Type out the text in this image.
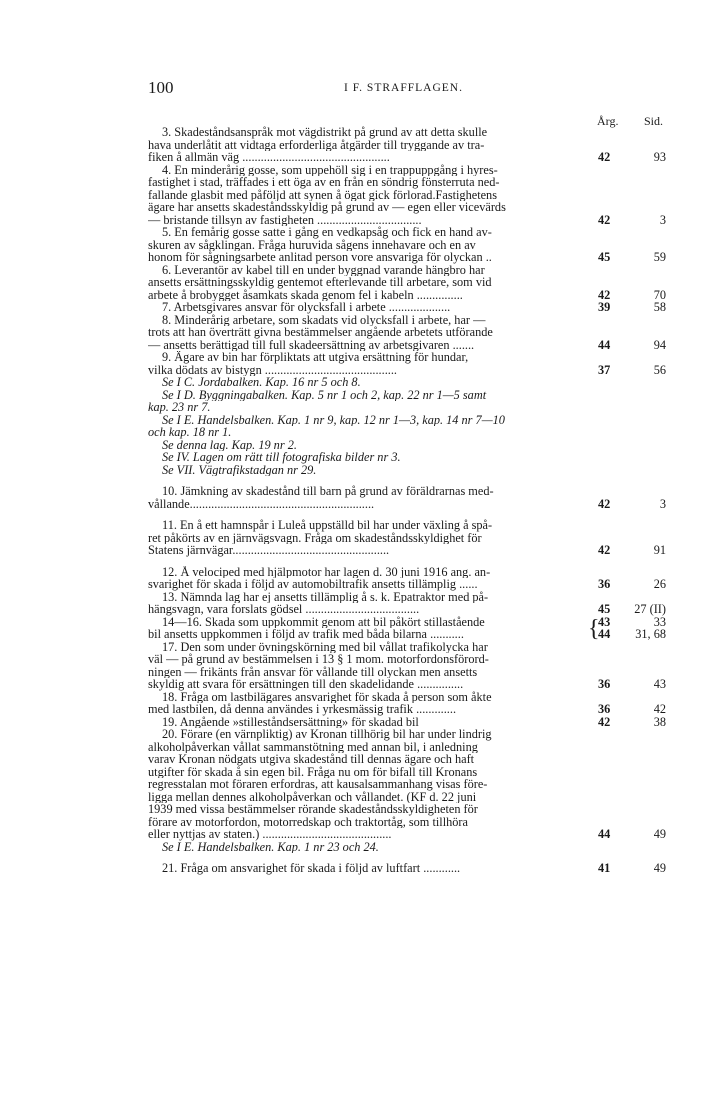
100	I F. STRAFFLAGEN.
Årg. Sid.
3. Skadeståndsanspråk mot vägdistrikt på grund av att detta skulle
hava underlåtit att vidtaga erforderliga åtgärder till tryggande av tra-
fiken å allmän väg ................................................	42	93
4. En minderårig gosse, som uppehöll sig i en trappuppgång i hyres-
fastighet i stad, träffades i ett öga av en från en söndrig fönsterruta ned-
fallande glasbit med påföljd att synen å ögat gick förlorad.Fastighetens
ägare har ansetts skadeståndsskyldig på grund av — egen eller vicevärds
— bristande tillsyn av fastigheten ..................................	42	3
5. En femårig gosse satte i gång en vedkapsåg och fick en hand av-
skuren av sågklingan. Fråga huruvida sågens innehavare och en av
honom för sågningsarbete anlitad person vore ansvariga för olyckan ..	45	59
6. Leverantör av kabel till en under byggnad varande hängbro har
ansetts ersättningsskyldig gentemot efterlevande till arbetare, som vid
arbete å brobygget åsamkats skada genom fel i kabeln ...............	42	70
7. Arbetsgivares ansvar för olycksfall i arbete ....................	39	58
8. Minderårig arbetare, som skadats vid olycksfall i arbete, har —
trots att han överträtt givna bestämmelser angående arbetets utförande
— ansetts berättigad till full skadeersättning av arbetsgivaren .......	44	94
9. Ägare av bin har förpliktats att utgiva ersättning för hundar,
vilka dödats av bistygn ...........................................	37	56
Se I C. Jordabalken. Kap. 16 nr 5 och 8.
Se I D. Byggningabalken. Kap. 5 nr 1 och 2, kap. 22 nr 1—5 samt
kap. 23 nr 7.
Se I E. Handelsbalken. Kap. 1 nr 9, kap. 12 nr 1—3, kap. 14 nr 7—10
och kap. 18 nr 1.
Se denna lag. Kap. 19 nr 2.
Se IV. Lagen om rätt till fotografiska bilder nr 3.
Se VII. Vägtrafikstadgan nr 29.
10. Jämkning av skadestånd till barn på grund av föräldrarnas med-
vållande............................................................	42	3
11. En å ett hamnspår i Luleå uppställd bil har under växling å spå-
ret påkörts av en järnvägsvagn. Fråga om skadeståndsskyldighet för
Statens järnvägar...................................................	42	91
12. Å velociped med hjälpmotor har lagen d. 30 juni 1916 ang. an-
svarighet för skada i följd av automobiltrafik ansetts tillämplig ......	36	26
13. Nämnda lag har ej ansetts tillämplig å s. k. Epatraktor med på-
hängsvagn, vara forslats gödsel .....................................	45 27 (II)
14—16. Skada som uppkommit genom att bil påkört stillastående
bil ansetts uppkommen i följd av trafik med båda bilarna ...........	{
43	33
44 31, 68
17. Den som under övningskörning med bil vållat trafikolycka har
väl — på grund av bestämmelsen i 13 § 1 mom. motorfordonsförord-
ningen — frikänts från ansvar för vållande till olyckan men ansetts
skyldig att svara för ersättningen till den skadelidande ...............	36	43
18. Fråga om lastbilägares ansvarighet för skada å person som åkte
med lastbilen, då denna användes i yrkesmässig trafik .............	36	42
19. Angående »stilleståndsersättning» för skadad bil	42	38
20. Förare (en värnpliktig) av Kronan tillhörig bil har under lindrig
alkoholpåverkan vållat sammanstötning med annan bil, i anledning
varav Kronan nödgats utgiva skadestånd till dennas ägare och haft
utgifter för skada å sin egen bil. Fråga nu om för bifall till Kronans
regresstalan mot föraren erfordras, att kausalsammanhang visas före-
ligga mellan dennes alkoholpåverkan och vållandet. (KF d. 22 juni
1939 med vissa bestämmelser rörande skadeståndsskyldigheten för
förare av motorfordon, motorredskap och traktortåg, som tillhöra
eller nyttjas av staten.) ..........................................	44	49
Se I E. Handelsbalken. Kap. 1 nr 23 och 24.
21. Fråga om ansvarighet för skada i följd av luftfart ............	41	49
